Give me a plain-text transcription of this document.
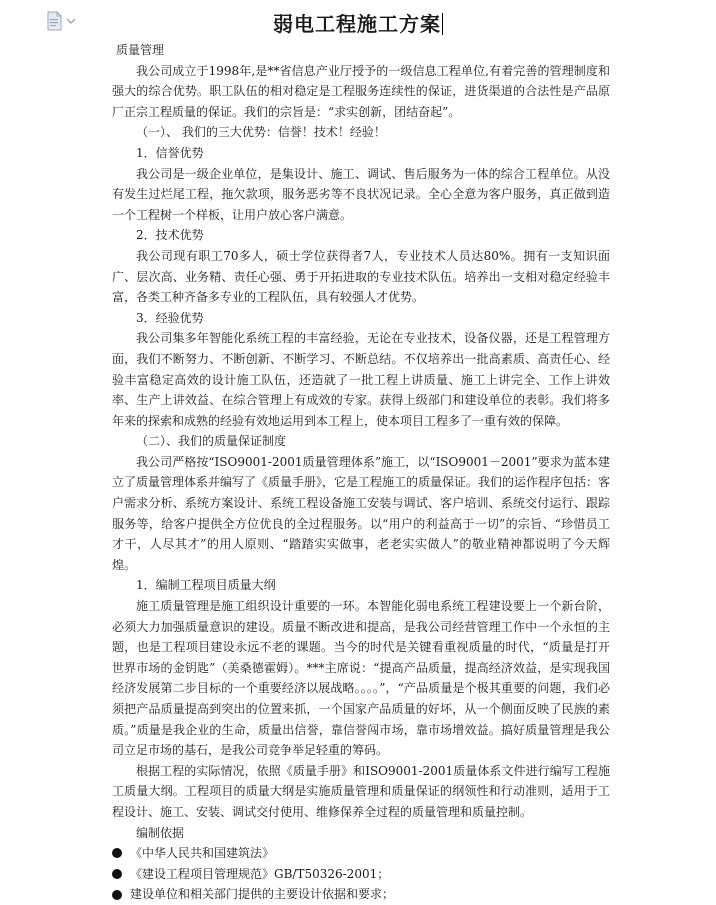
弱电工程施工方案

质量管理

我公司成立于1998年,是**省信息产业厅授予的一级信息工程单位,有着完善的管理制度和强大的综合优势。职工队伍的相对稳定是工程服务连续性的保证，进货渠道的合法性是产品原厂正宗工程质量的保证。我们的宗旨是：“求实创新，团结奋起”。

（一）、 我们的三大优势：信誉！技术！经验！

1．信誉优势

我公司是一级企业单位，是集设计、施工、调试、售后服务为一体的综合工程单位。从没有发生过烂尾工程，拖欠款项，服务恶劣等不良状况记录。全心全意为客户服务，真正做到造一个工程树一个样板，让用户放心客户满意。

2．技术优势

我公司现有职工70多人，硕士学位获得者7人，专业技术人员达80%。拥有一支知识面广、层次高、业务精、责任心强、勇于开拓进取的专业技术队伍。培养出一支相对稳定经验丰富，各类工种齐备多专业的工程队伍，具有较强人才优势。

3．经验优势

我公司集多年智能化系统工程的丰富经验，无论在专业技术，设备仪器，还是工程管理方面，我们不断努力、不断创新、不断学习、不断总结。不仅培养出一批高素质、高责任心、经验丰富稳定高效的设计施工队伍，还造就了一批工程上讲质量、施工上讲完全、工作上讲效率、生产上讲效益、在综合管理上有成效的专家。获得上级部门和建设单位的表彰。我们将多年来的探索和成熟的经验有效地运用到本工程上，使本项目工程多了一重有效的保障。

（二）、我们的质量保证制度

我公司严格按“ISO9001-2001质量管理体系”施工，以“ISO9001－2001”要求为蓝本建立了质量管理体系并编写了《质量手册》，它是工程施工的质量保证。我们的运作程序包括：客户需求分析、系统方案设计、系统工程设备施工安装与调试、客户培训、系统交付运行、跟踪服务等，给客户提供全方位优良的全过程服务。以“用户的利益高于一切”的宗旨、“珍惜员工才干，人尽其才”的用人原则、“踏踏实实做事，老老实实做人”的敬业精神都说明了今天辉煌。

1．编制工程项目质量大纲

施工质量管理是施工组织设计重要的一环。本智能化弱电系统工程建设要上一个新台阶，必须大力加强质量意识的建设。质量不断改进和提高，是我公司经营管理工作中一个永恒的主题，也是工程项目建设永远不老的课题。当今的时代是关键看重视质量的时代，“质量是打开世界市场的金钥匙”（美桑德霍姆）。***主席说：“提高产品质量，提高经济效益，是实现我国经济发展第二步目标的一个重要经济以展战略。。。。”，“产品质量是个极其重要的问题，我们必须把产品质量提高到突出的位置来抓，一个国家产品质量的好坏，从一个侧面反映了民族的素质。”质量是我企业的生命，质量出信誉，靠信誉闯市场，靠市场增效益。搞好质量管理是我公司立足市场的基石，是我公司竞争举足轻重的筹码。

根据工程的实际情况，依照《质量手册》和ISO9001-2001质量体系文件进行编写工程施工质量大纲。工程项目的质量大纲是实施质量管理和质量保证的纲领性和行动准则，适用于工程设计、施工、安装、调试交付使用、维修保养全过程的质量管理和质量控制。

编制依据

《中华人民共和国建筑法》
《建设工程项目管理规范》GB/T50326-2001；
建设单位和相关部门提供的主要设计依据和要求；
